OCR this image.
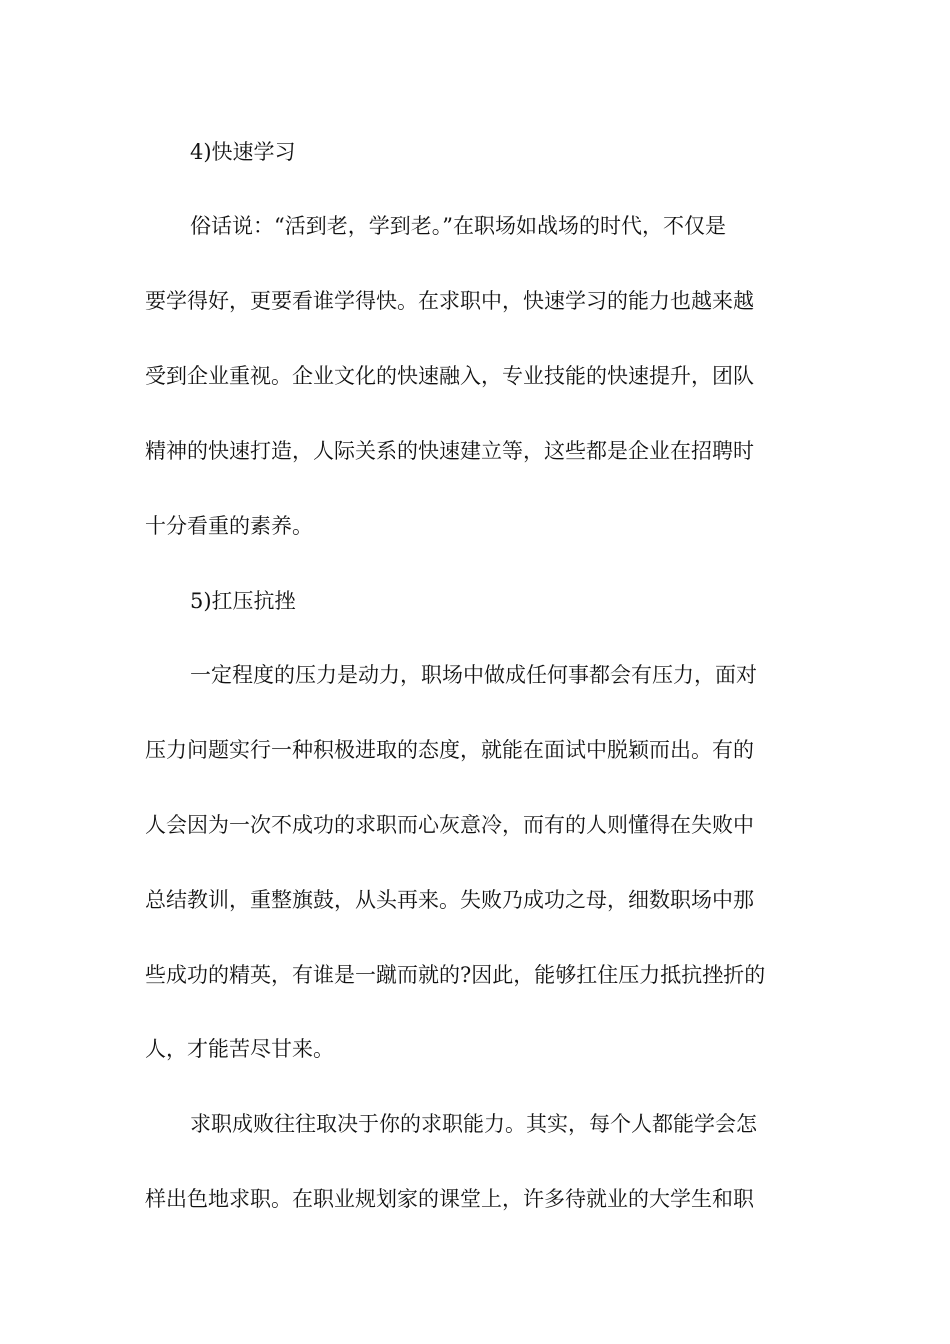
4)快速学习
俗话说：“活到老，学到老。”在职场如战场的时代，不仅是
要学得好，更要看谁学得快。在求职中，快速学习的能力也越来越
受到企业重视。企业文化的快速融入，专业技能的快速提升，团队
精神的快速打造，人际关系的快速建立等，这些都是企业在招聘时
十分看重的素养。
5)扛压抗挫
一定程度的压力是动力，职场中做成任何事都会有压力，面对
压力问题实行一种积极进取的态度，就能在面试中脱颖而出。有的
人会因为一次不成功的求职而心灰意冷，而有的人则懂得在失败中
总结教训，重整旗鼓，从头再来。失败乃成功之母，细数职场中那
些成功的精英，有谁是一蹴而就的?因此，能够扛住压力抵抗挫折的
人，才能苦尽甘来。
求职成败往往取决于你的求职能力。其实，每个人都能学会怎
样出色地求职。在职业规划家的课堂上，许多待就业的大学生和职
